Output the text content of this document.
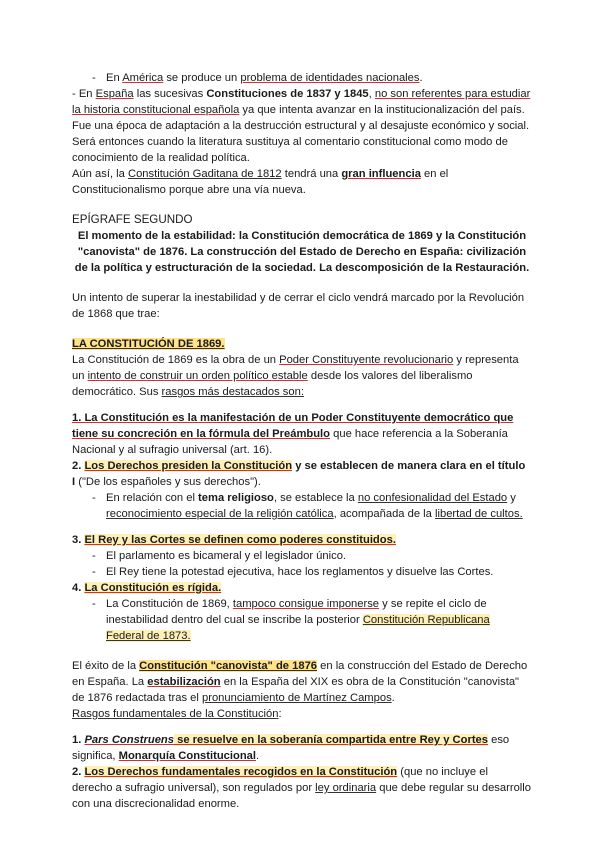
- En América se produce un problema de identidades nacionales.
- En España las sucesivas Constituciones de 1837 y 1845, no son referentes para estudiar
la historia constitucional española ya que intenta avanzar en la institucionalización del país.
Fue una época de adaptación a la destrucción estructural y al desajuste económico y social.
Será entonces cuando la literatura sustituya al comentario constitucional como modo de
conocimiento de la realidad política.
Aún así, la Constitución Gaditana de 1812 tendrá una gran influencia en el
Constitucionalismo porque abre una vía nueva.
EPÍGRAFE SEGUNDO
El momento de la estabilidad: la Constitución democrática de 1869 y la Constitución
"canovista" de 1876. La construcción del Estado de Derecho en España: civilización
de la política y estructuración de la sociedad. La descomposición de la Restauración.
Un intento de superar la inestabilidad y de cerrar el ciclo vendrá marcado por la Revolución
de 1868 que trae:
LA CONSTITUCIÓN DE 1869.
La Constitución de 1869 es la obra de un Poder Constituyente revolucionario y representa
un intento de construir un orden político estable desde los valores del liberalismo
democrático. Sus rasgos más destacados son:
1. La Constitución es la manifestación de un Poder Constituyente democrático que
tiene su concreción en la fórmula del Preámbulo que hace referencia a la Soberanía
Nacional y al sufragio universal (art. 16).
2. Los Derechos presiden la Constitución y se establecen de manera clara en el título
I ("De los españoles y sus derechos").
- En relación con el tema religioso, se establece la no confesionalidad del Estado y
reconocimiento especial de la religión católica, acompañada de la libertad de cultos.
3. El Rey y las Cortes se definen como poderes constituidos.
- El parlamento es bicameral y el legislador único.
- El Rey tiene la potestad ejecutiva, hace los reglamentos y disuelve las Cortes.
4. La Constitución es rígida.
- La Constitución de 1869, tampoco consigue imponerse y se repite el ciclo de
inestabilidad dentro del cual se inscribe la posterior Constitución Republicana
Federal de 1873.
El éxito de la Constitución "canovista" de 1876 en la construcción del Estado de Derecho
en España. La estabilización en la España del XIX es obra de la Constitución "canovista"
de 1876 redactada tras el pronunciamiento de Martínez Campos.
Rasgos fundamentales de la Constitución:
1. Pars Construens se resuelve en la soberanía compartida entre Rey y Cortes eso
significa, Monarquía Constitucional.
2. Los Derechos fundamentales recogidos en la Constitución (que no incluye el
derecho a sufragio universal), son regulados por ley ordinaria que debe regular su desarrollo
con una discrecionalidad enorme.
